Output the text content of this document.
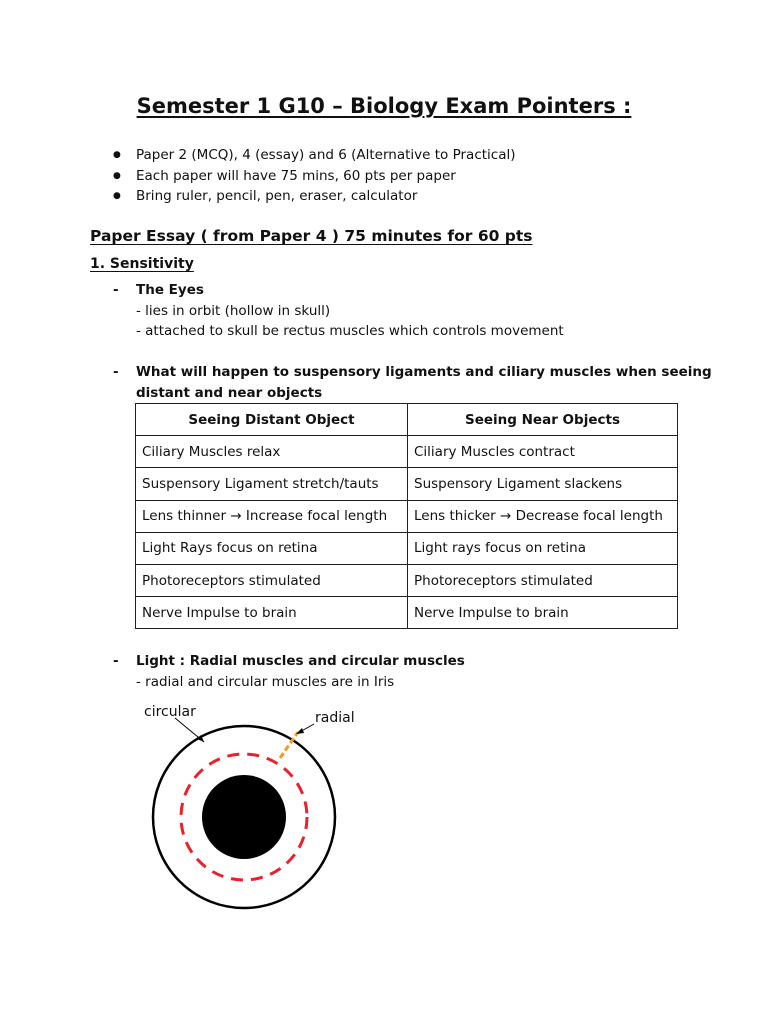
Semester 1 G10 – Biology Exam Pointers :
● Paper 2 (MCQ), 4 (essay) and 6 (Alternative to Practical)
● Each paper will have 75 mins, 60 pts per paper
● Bring ruler, pencil, pen, eraser, calculator
Paper Essay ( from Paper 4 ) 75 minutes for 60 pts
1. Sensitivity
- The Eyes
- lies in orbit (hollow in skull)
- attached to skull be rectus muscles which controls movement
- What will happen to suspensory ligaments and ciliary muscles when seeing
distant and near objects
Seeing Distant Object	Seeing Near Objects
Ciliary Muscles relax	Ciliary Muscles contract
Suspensory Ligament stretch/tauts	Suspensory Ligament slackens
Lens thinner → Increase focal length	Lens thicker → Decrease focal length
Light Rays focus on retina	Light rays focus on retina
Photoreceptors stimulated	Photoreceptors stimulated
Nerve Impulse to brain	Nerve Impulse to brain
- Light : Radial muscles and circular muscles
- radial and circular muscles are in Iris
circular	radial
